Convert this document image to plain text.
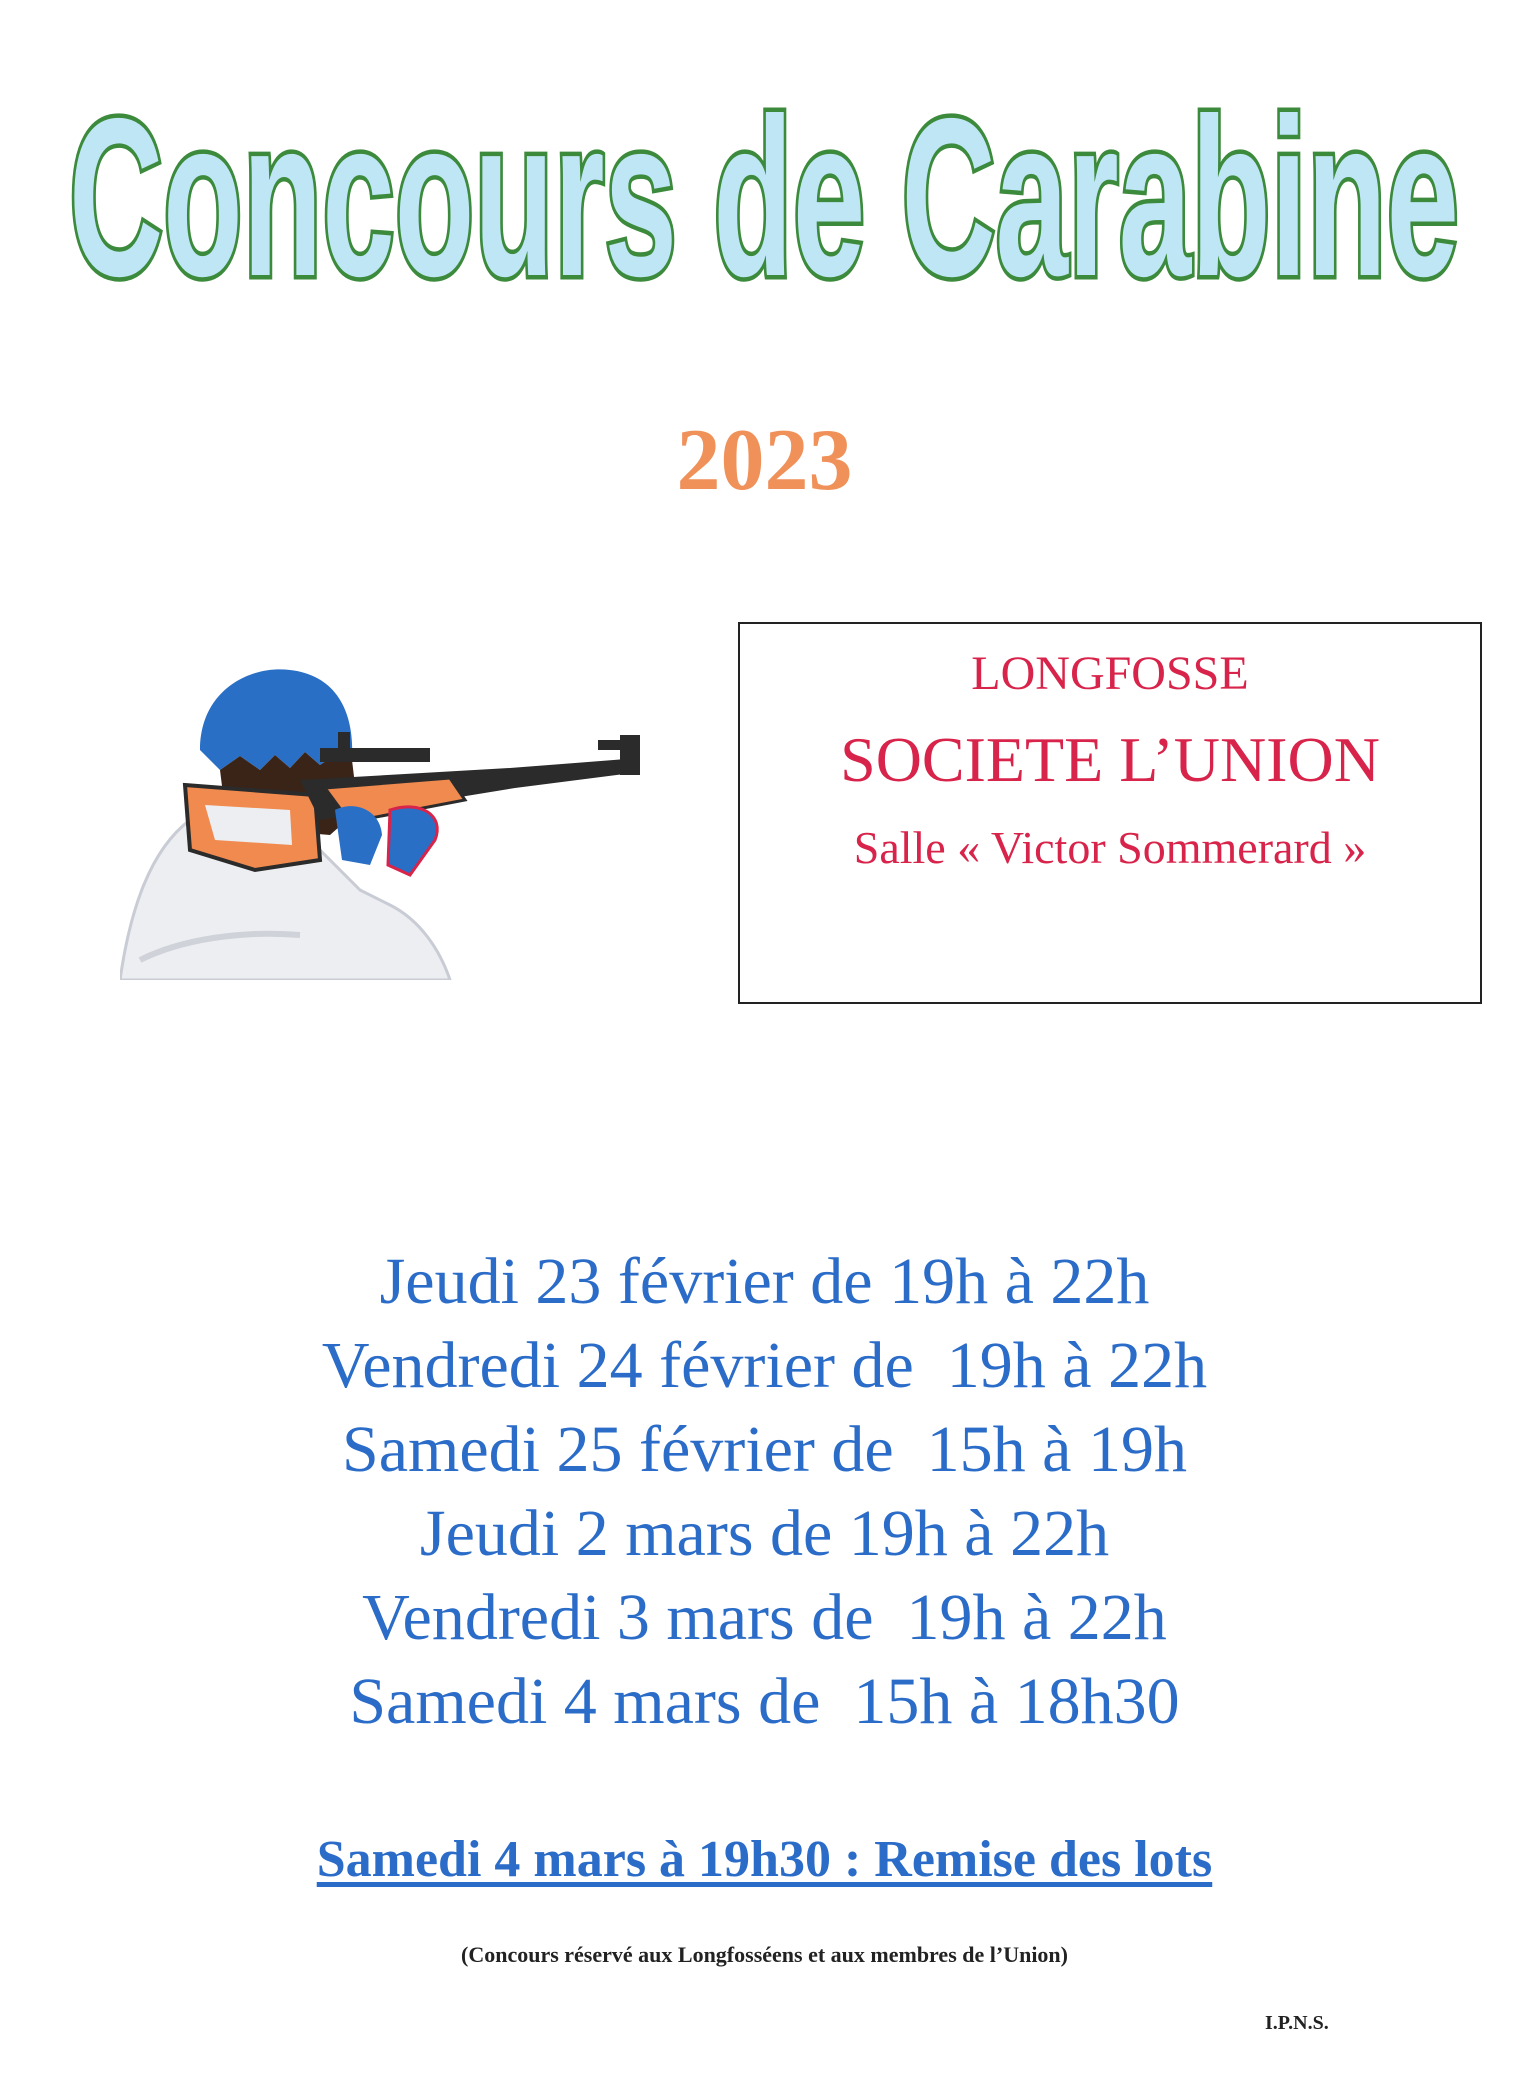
Concours de Carabine
2023
LONGFOSSE
SOCIETE L’UNION
Salle « Victor Sommerard »
Jeudi 23 février de 19h à 22h
Vendredi 24 février de  19h à 22h
Samedi 25 février de  15h à 19h
Jeudi 2 mars de 19h à 22h
Vendredi 3 mars de  19h à 22h
Samedi 4 mars de  15h à 18h30
Samedi 4 mars à 19h30 : Remise des lots
(Concours réservé aux Longfosséens et aux membres de l’Union)
I.P.N.S.
